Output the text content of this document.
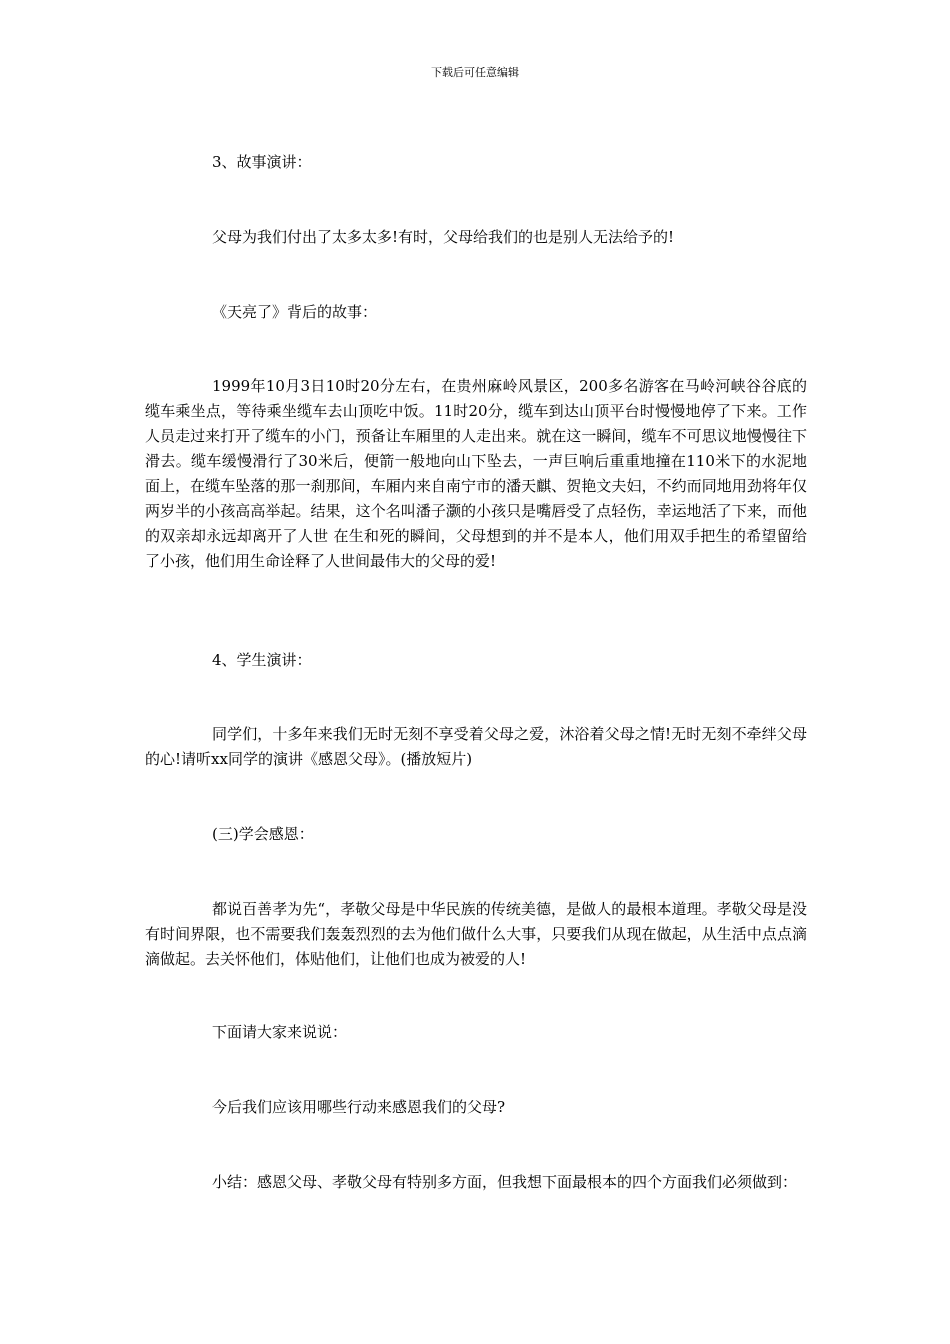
下载后可任意编辑

3、故事演讲：

父母为我们付出了太多太多!有时，父母给我们的也是别人无法给予的!

《天亮了》背后的故事：

1999年10月3日10时20分左右，在贵州麻岭风景区，200多名游客在马岭河峡谷谷底的缆车乘坐点，等待乘坐缆车去山顶吃中饭。11时20分，缆车到达山顶平台时慢慢地停了下来。工作人员走过来打开了缆车的小门，预备让车厢里的人走出来。就在这一瞬间，缆车不可思议地慢慢往下滑去。缆车缓慢滑行了30米后，便箭一般地向山下坠去，一声巨响后重重地撞在110米下的水泥地面上，在缆车坠落的那一刹那间，车厢内来自南宁市的潘天麒、贺艳文夫妇，不约而同地用劲将年仅两岁半的小孩高高举起。结果，这个名叫潘子灏的小孩只是嘴唇受了点轻伤，幸运地活了下来，而他的双亲却永远却离开了人世 在生和死的瞬间，父母想到的并不是本人，他们用双手把生的希望留给了小孩，他们用生命诠释了人世间最伟大的父母的爱!

4、学生演讲：

同学们，十多年来我们无时无刻不享受着父母之爱，沐浴着父母之情!无时无刻不牵绊父母的心!请听xx同学的演讲《感恩父母》。(播放短片)

(三)学会感恩：

都说百善孝为先“，孝敬父母是中华民族的传统美德，是做人的最根本道理。孝敬父母是没有时间界限，也不需要我们轰轰烈烈的去为他们做什么大事，只要我们从现在做起，从生活中点点滴滴做起。去关怀他们，体贴他们，让他们也成为被爱的人!

下面请大家来说说：

今后我们应该用哪些行动来感恩我们的父母?

小结：感恩父母、孝敬父母有特别多方面，但我想下面最根本的四个方面我们必须做到：
